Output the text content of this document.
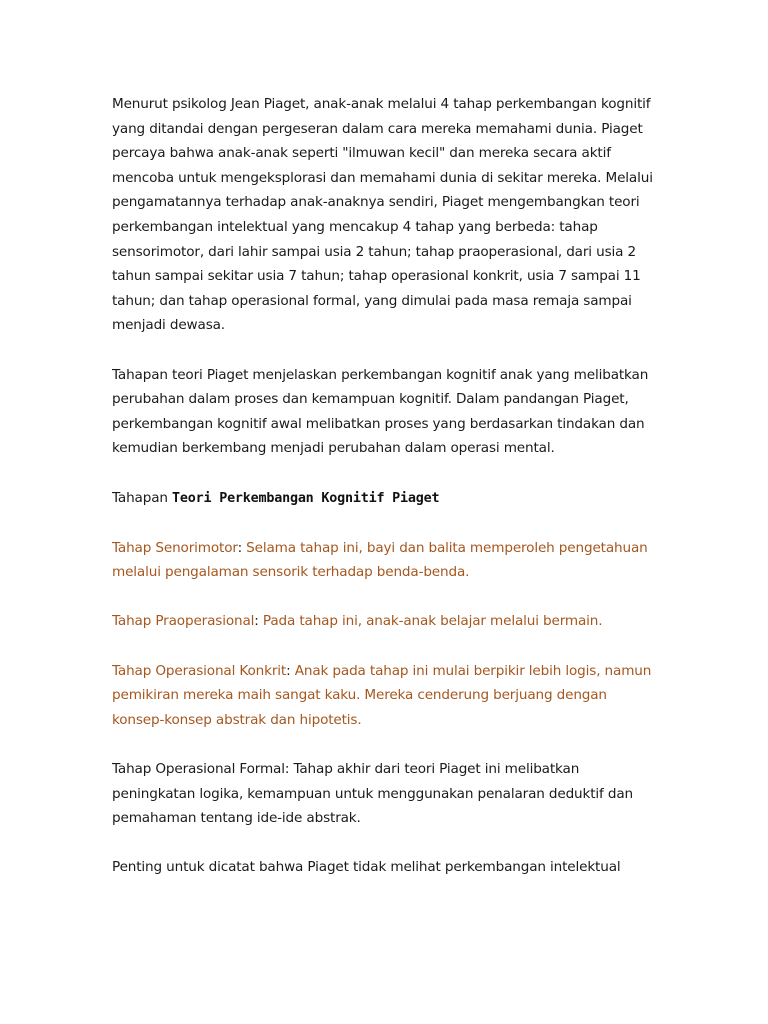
Menurut psikolog Jean Piaget, anak-anak melalui 4 tahap perkembangan kognitif yang ditandai dengan pergeseran dalam cara mereka memahami dunia. Piaget percaya bahwa anak-anak seperti "ilmuwan kecil" dan mereka secara aktif mencoba untuk mengeksplorasi dan memahami dunia di sekitar mereka. Melalui pengamatannya terhadap anak-anaknya sendiri, Piaget mengembangkan teori perkembangan intelektual yang mencakup 4 tahap yang berbeda: tahap sensorimotor, dari lahir sampai usia 2 tahun; tahap praoperasional, dari usia 2 tahun sampai sekitar usia 7 tahun; tahap operasional konkrit, usia 7 sampai 11 tahun; dan tahap operasional formal, yang dimulai pada masa remaja sampai menjadi dewasa.

Tahapan teori Piaget menjelaskan perkembangan kognitif anak yang melibatkan perubahan dalam proses dan kemampuan kognitif. Dalam pandangan Piaget, perkembangan kognitif awal melibatkan proses yang berdasarkan tindakan dan kemudian berkembang menjadi perubahan dalam operasi mental.

Tahapan Teori Perkembangan Kognitif Piaget

Tahap Senorimotor: Selama tahap ini, bayi dan balita memperoleh pengetahuan melalui pengalaman sensorik terhadap benda-benda.

Tahap Praoperasional: Pada tahap ini, anak-anak belajar melalui bermain.

Tahap Operasional Konkrit: Anak pada tahap ini mulai berpikir lebih logis, namun pemikiran mereka maih sangat kaku. Mereka cenderung berjuang dengan konsep-konsep abstrak dan hipotetis.

Tahap Operasional Formal: Tahap akhir dari teori Piaget ini melibatkan peningkatan logika, kemampuan untuk menggunakan penalaran deduktif dan pemahaman tentang ide-ide abstrak.

Penting untuk dicatat bahwa Piaget tidak melihat perkembangan intelektual
